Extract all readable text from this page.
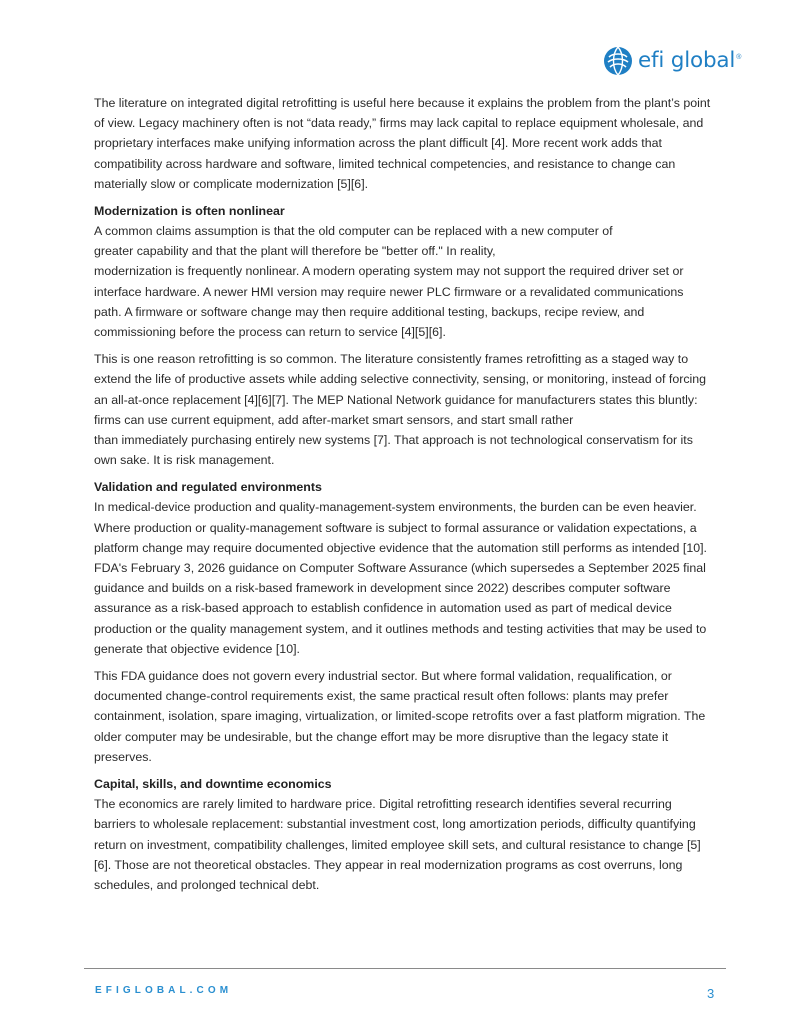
efi global ®

The literature on integrated digital retrofitting is useful here because it explains the problem from the plant’s point of view. Legacy machinery often is not “data ready,” firms may lack capital to replace equipment wholesale, and proprietary interfaces make unifying information across the plant difficult [4]. More recent work adds that compatibility across hardware and software, limited technical competencies, and resistance to change can materially slow or complicate modernization [5][6].

Modernization is often nonlinear

A common claims assumption is that the old computer can be replaced with a new computer of
greater capability and that the plant will therefore be "better off." In reality,
modernization is frequently nonlinear. A modern operating system may not support the required driver set or interface hardware. A newer HMI version may require newer PLC firmware or a revalidated communications path. A firmware or software change may then require additional testing, backups, recipe review, and commissioning before the process can return to service [4][5][6].

This is one reason retrofitting is so common. The literature consistently frames retrofitting as a staged way to extend the life of productive assets while adding selective connectivity, sensing, or monitoring, instead of forcing an all-at-once replacement [4][6][7]. The MEP National Network guidance for manufacturers states this bluntly: firms can use current equipment, add after-market smart sensors, and start small rather
than immediately purchasing entirely new systems [7]. That approach is not technological conservatism for its own sake. It is risk management.

Validation and regulated environments

In medical-device production and quality-management-system environments, the burden can be even heavier. Where production or quality-management software is subject to formal assurance or validation expectations, a platform change may require documented objective evidence that the automation still performs as intended [10]. FDA's February 3, 2026 guidance on Computer Software Assurance (which supersedes a September 2025 final guidance and builds on a risk-based framework in development since 2022) describes computer software assurance as a risk-based approach to establish confidence in automation used as part of medical device production or the quality management system, and it outlines methods and testing activities that may be used to generate that objective evidence [10].

This FDA guidance does not govern every industrial sector. But where formal validation, requalification, or documented change-control requirements exist, the same practical result often follows: plants may prefer containment, isolation, spare imaging, virtualization, or limited-scope retrofits over a fast platform migration. The older computer may be undesirable, but the change effort may be more disruptive than the legacy state it preserves.

Capital, skills, and downtime economics

The economics are rarely limited to hardware price. Digital retrofitting research identifies several recurring barriers to wholesale replacement: substantial investment cost, long amortization periods, difficulty quantifying return on investment, compatibility challenges, limited employee skill sets, and cultural resistance to change [5][6]. Those are not theoretical obstacles. They appear in real modernization programs as cost overruns, long schedules, and prolonged technical debt.

EFIGLOBAL.COM	3
